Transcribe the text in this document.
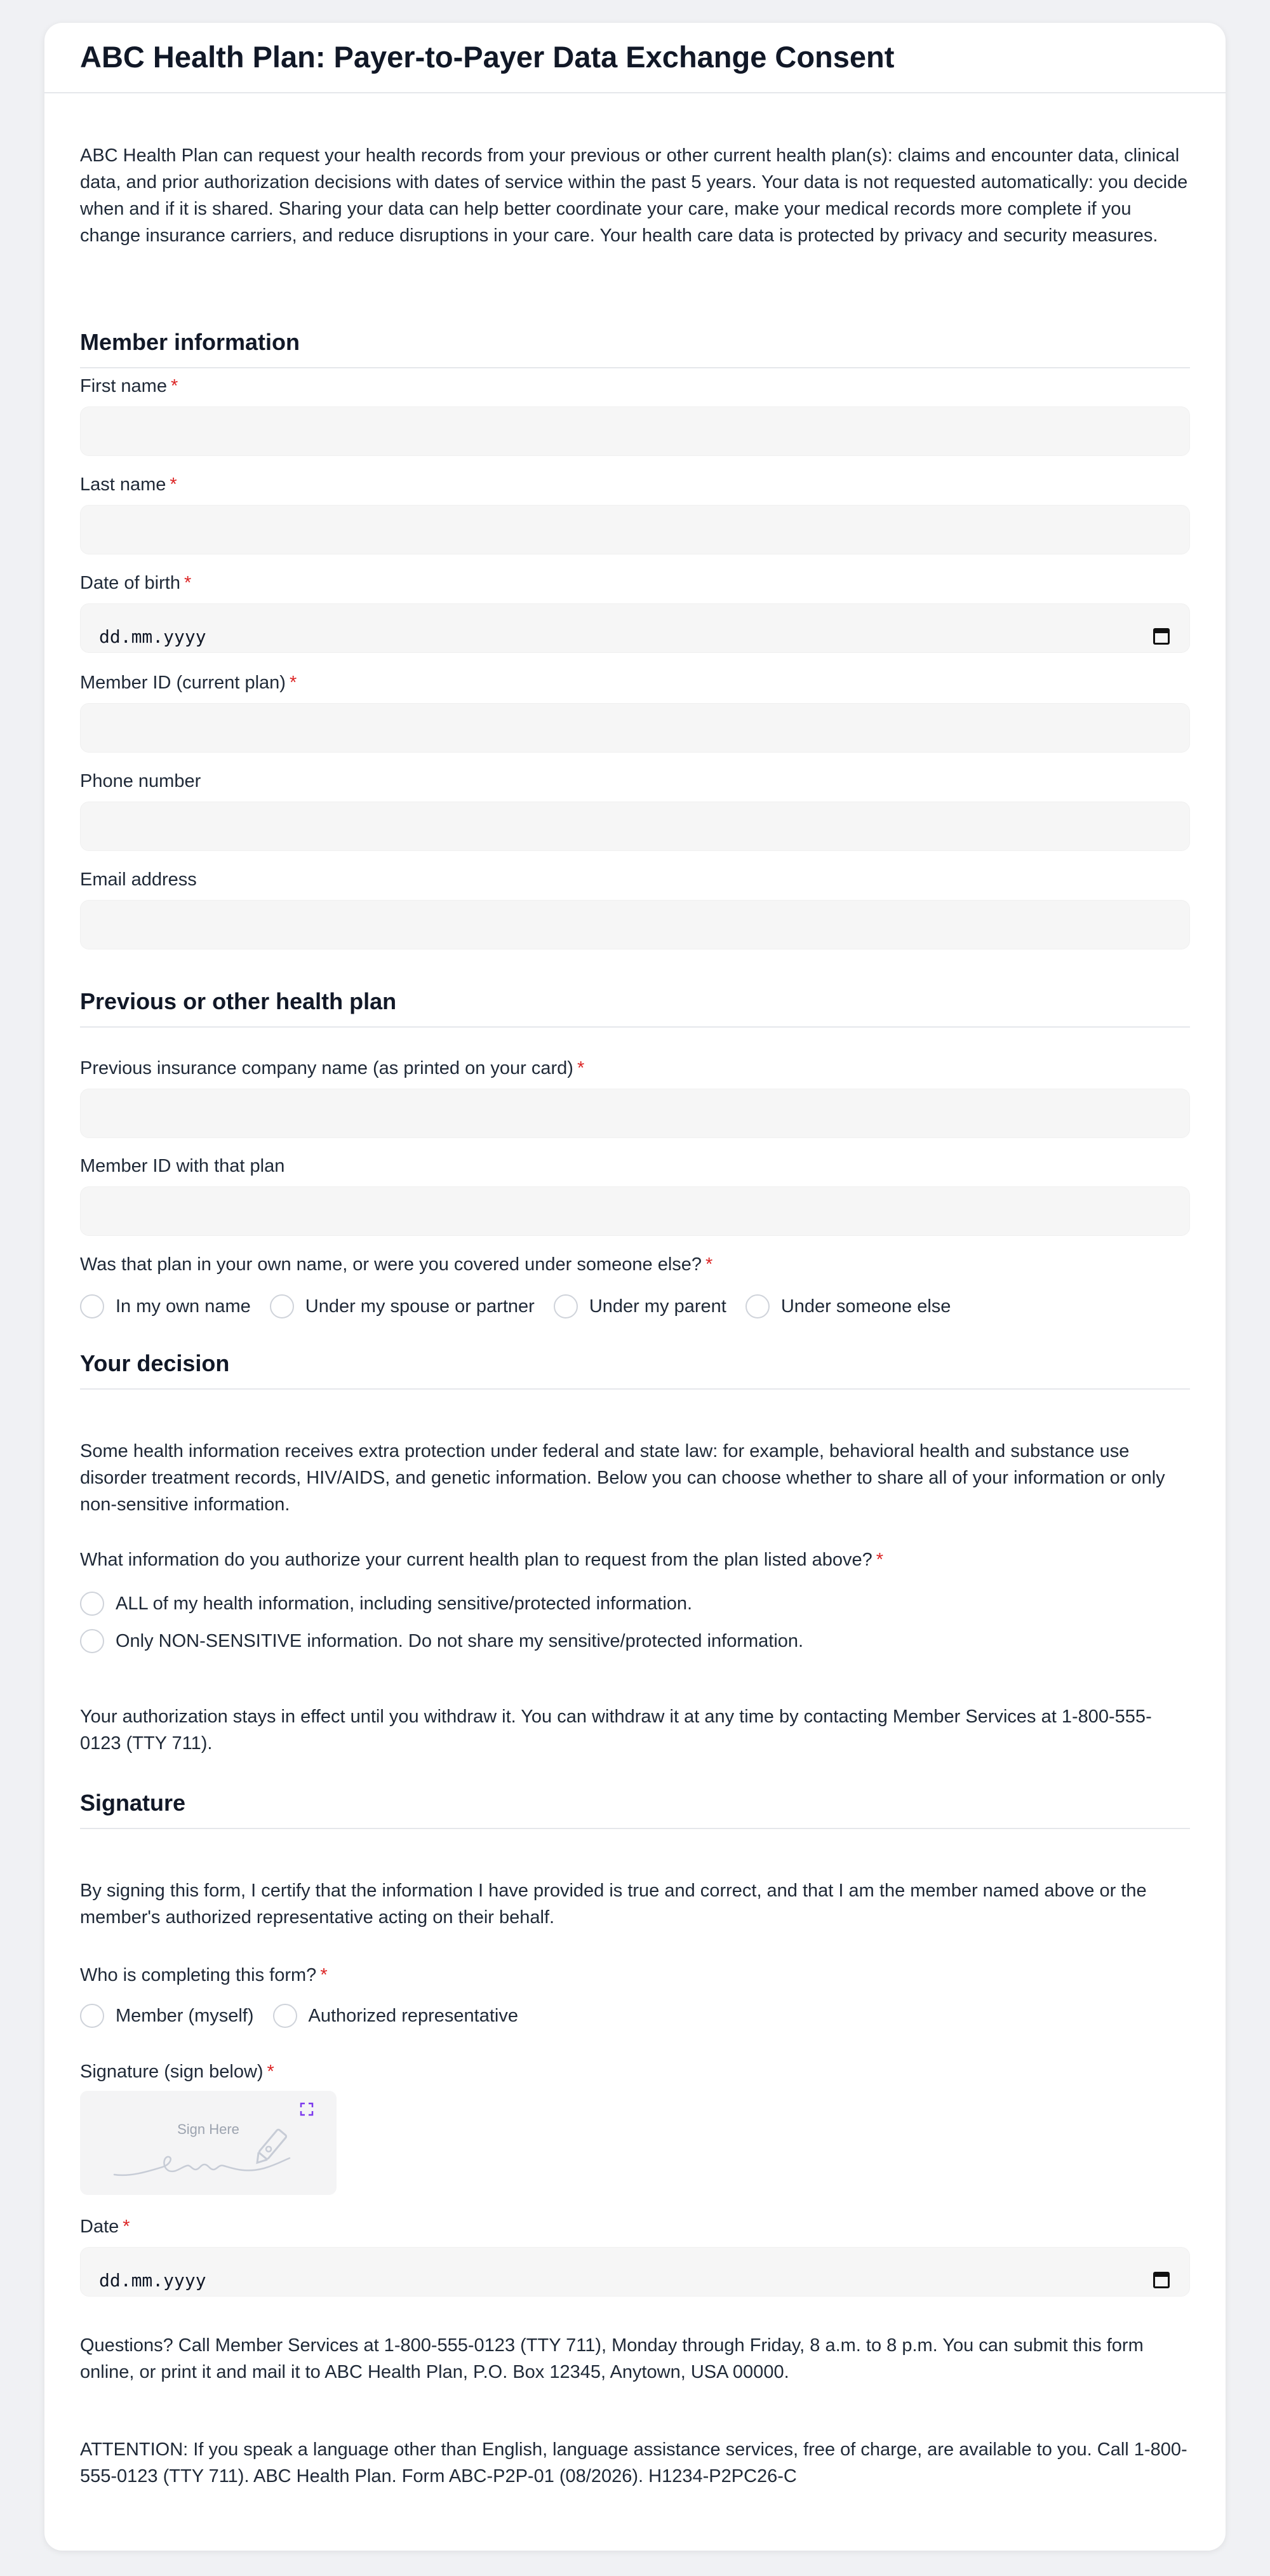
ABC Health Plan: Payer-to-Payer Data Exchange Consent

ABC Health Plan can request your health records from your previous or other current health plan(s): claims and encounter data, clinical data, and prior authorization decisions with dates of service within the past 5 years. Your data is not requested automatically: you decide when and if it is shared. Sharing your data can help better coordinate your care, make your medical records more complete if you change insurance carriers, and reduce disruptions in your care. Your health care data is protected by privacy and security measures.

Member information
First name *
Last name *
Date of birth *
dd.mm.yyyy
Member ID (current plan) *
Phone number
Email address
Previous or other health plan
Previous insurance company name (as printed on your card) *
Member ID with that plan
Was that plan in your own name, or were you covered under someone else? *
In my own name	Under my spouse or partner	Under my parent	Under someone else
Your decision

Some health information receives extra protection under federal and state law: for example, behavioral health and substance use disorder treatment records, HIV/AIDS, and genetic information. Below you can choose whether to share all of your information or only non-sensitive information.

What information do you authorize your current health plan to request from the plan listed above? *
ALL of my health information, including sensitive/protected information.
Only NON-SENSITIVE information. Do not share my sensitive/protected information.

Your authorization stays in effect until you withdraw it. You can withdraw it at any time by contacting Member Services at 1-800-555-0123 (TTY 711).

Signature

By signing this form, I certify that the information I have provided is true and correct, and that I am the member named above or the member's authorized representative acting on their behalf.

Who is completing this form? *
Member (myself)	Authorized representative
Signature (sign below) *
Sign Here
Date *
dd.mm.yyyy

Questions? Call Member Services at 1-800-555-0123 (TTY 711), Monday through Friday, 8 a.m. to 8 p.m. You can submit this form online, or print it and mail it to ABC Health Plan, P.O. Box 12345, Anytown, USA 00000.

ATTENTION: If you speak a language other than English, language assistance services, free of charge, are available to you. Call 1-800-555-0123 (TTY 711). ABC Health Plan. Form ABC-P2P-01 (08/2026). H1234-P2PC26-C
